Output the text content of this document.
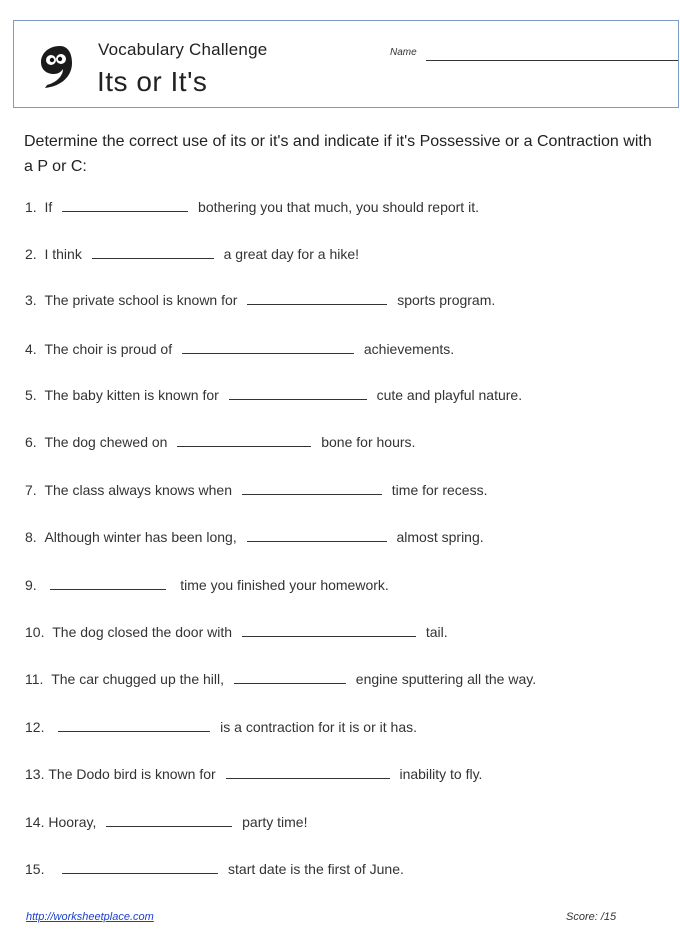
Vocabulary Challenge
Its or It's
Name
Determine the correct use of its or it's and indicate if it's Possessive or a Contraction with a P or C:
1. If	bothering you that much, you should report it.
2. I think	a great day for a hike!
3. The private school is known for	sports program.
4. The choir is proud of	achievements.
5. The baby kitten is known for	cute and playful nature.
6. The dog chewed on	bone for hours.
7. The class always knows when	time for recess.
8. Although winter has been long,	almost spring.
9.	time you finished your homework.
10. The dog closed the door with	tail.
11. The car chugged up the hill,	engine sputtering all the way.
12.	is a contraction for it is or it has.
13. The Dodo bird is known for	inability to fly.
14. Hooray,	party time!
15.	start date is the first of June.
http://worksheetplace.com	Score: /15
